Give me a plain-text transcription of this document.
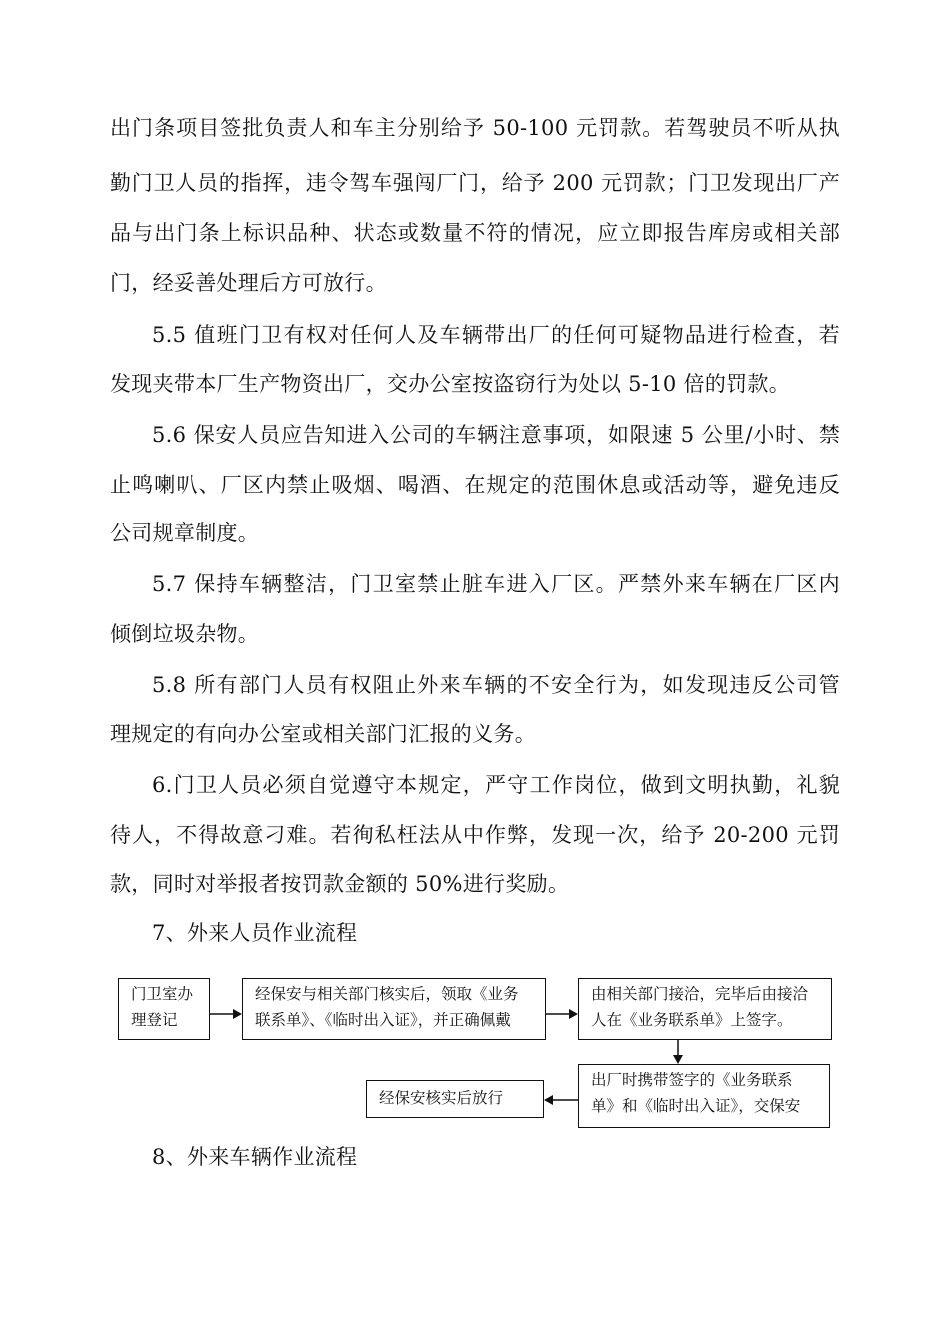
出门条项目签批负责人和车主分别给予 50-100 元罚款。若驾驶员不听从执
勤门卫人员的指挥，违令驾车强闯厂门，给予 200 元罚款；门卫发现出厂产
品与出门条上标识品种、状态或数量不符的情况，应立即报告库房或相关部
门，经妥善处理后方可放行。
5.5 值班门卫有权对任何人及车辆带出厂的任何可疑物品进行检查，若
发现夹带本厂生产物资出厂，交办公室按盗窃行为处以 5-10 倍的罚款。
5.6 保安人员应告知进入公司的车辆注意事项，如限速 5 公里/小时、禁
止鸣喇叭、厂区内禁止吸烟、喝酒、在规定的范围休息或活动等，避免违反
公司规章制度。
5.7 保持车辆整洁，门卫室禁止脏车进入厂区。严禁外来车辆在厂区内
倾倒垃圾杂物。
5.8 所有部门人员有权阻止外来车辆的不安全行为，如发现违反公司管
理规定的有向办公室或相关部门汇报的义务。
6.门卫人员必须自觉遵守本规定，严守工作岗位，做到文明执勤，礼貌
待人，不得故意刁难。若徇私枉法从中作弊，发现一次，给予 20-200 元罚
款，同时对举报者按罚款金额的 50%进行奖励。
7、外来人员作业流程
门卫室办
理登记
经保安与相关部门核实后，领取《业务
联系单》、《临时出入证》，并正确佩戴
由相关部门接洽，完毕后由接洽
人在《业务联系单》上签字。
出厂时携带签字的《业务联系
单》和《临时出入证》，交保安
经保安核实后放行
8、外来车辆作业流程
